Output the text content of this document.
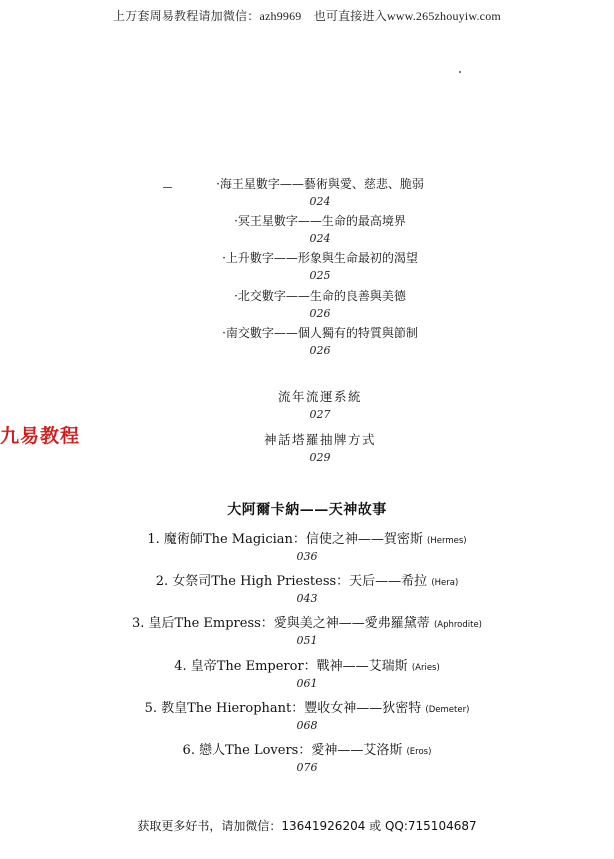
上万套周易教程请加微信：azh9969　也可直接进入www.265zhouyiw.com
·海王星數字——藝術與愛、慈悲、脆弱
024
·冥王星數字——生命的最高境界
024
·上升數字——形象與生命最初的渴望
025
·北交數字——生命的良善與美德
026
·南交數字——個人獨有的特質與節制
026
九易教程
流年流運系統
027
神話塔羅抽牌方式
029
大阿爾卡納——天神故事
1. 魔術師The Magician：信使之神——賀密斯 (Hermes)
036
2. 女祭司The High Priestess：天后——希拉 (Hera)
043
3. 皇后The Empress：愛與美之神——愛弗羅黛蒂 (Aphrodite)
051
4. 皇帝The Emperor：戰神——艾瑞斯 (Aries)
061
5. 教皇The Hierophant：豐收女神——狄密特 (Demeter)
068
6. 戀人The Lovers：愛神——艾洛斯 (Eros)
076
获取更多好书，请加微信：13641926204 或 QQ:715104687
